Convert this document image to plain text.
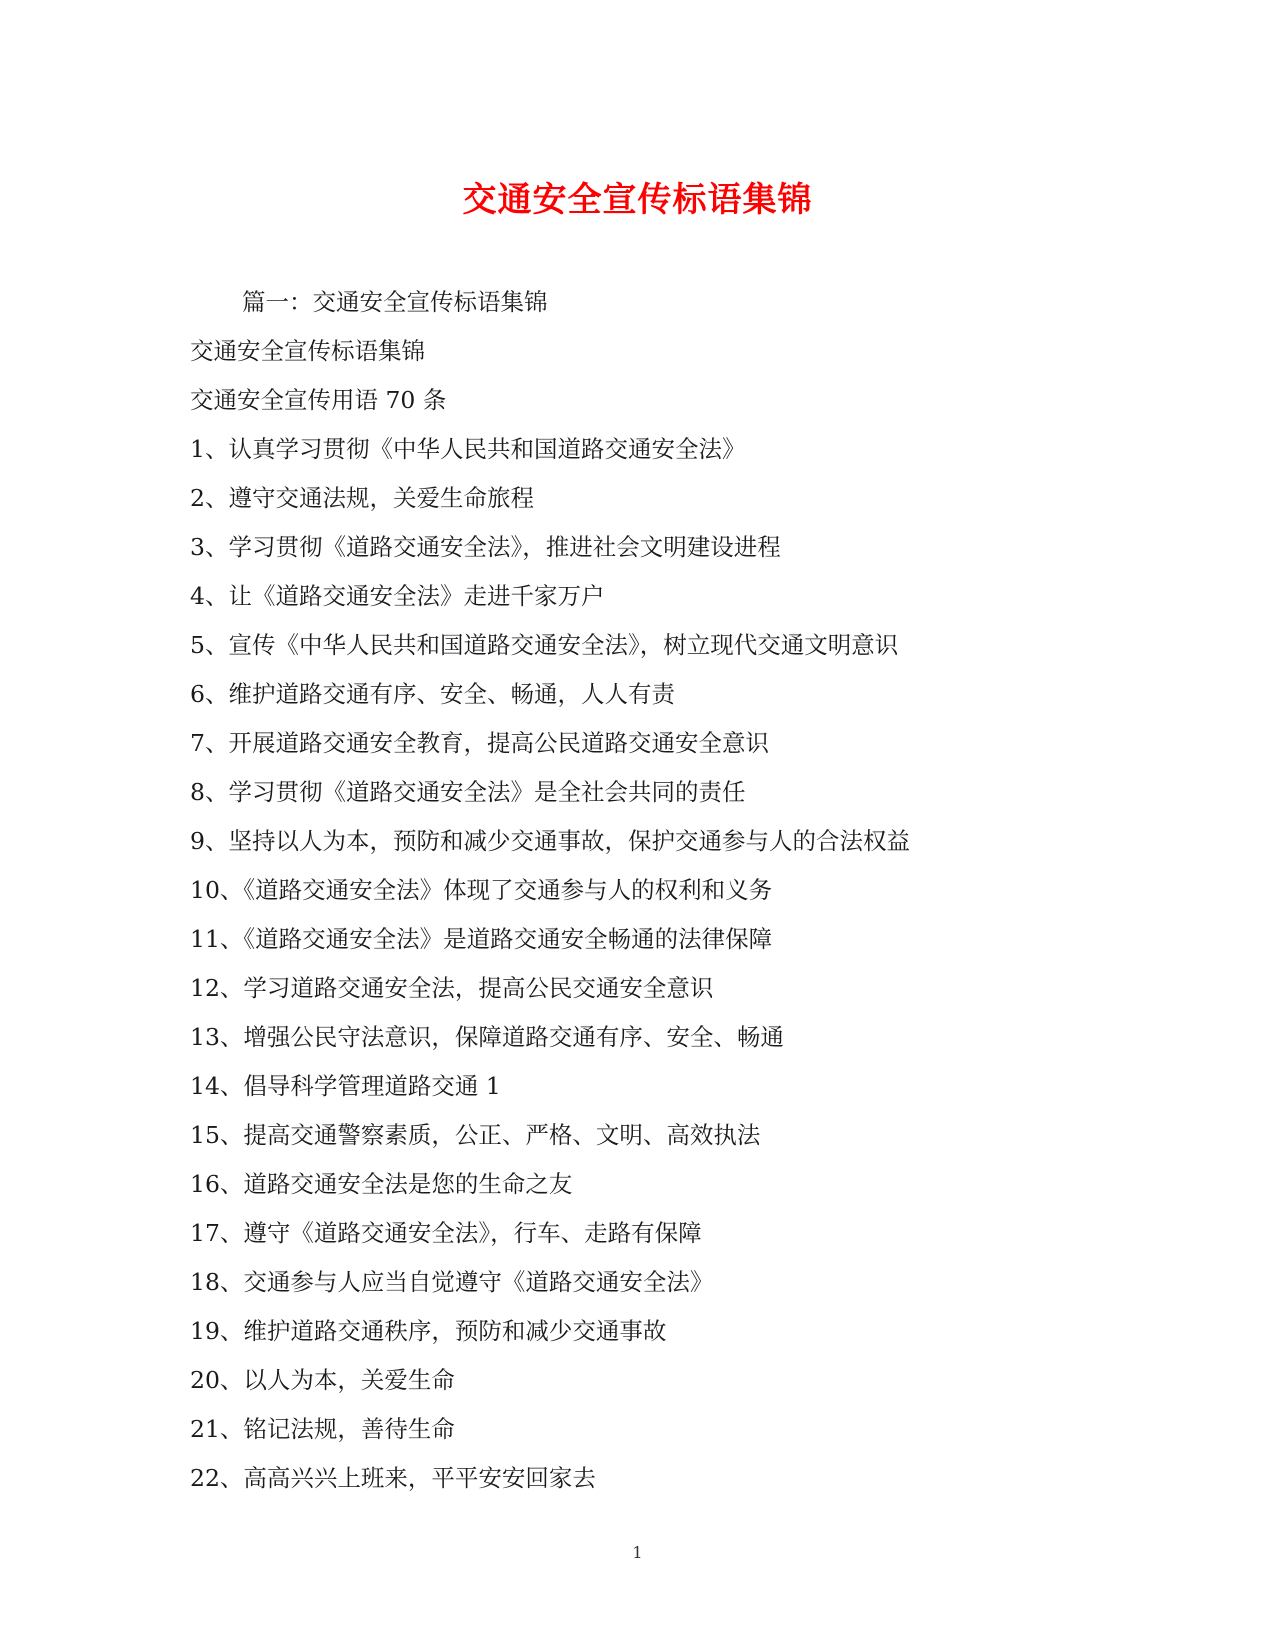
交通安全宣传标语集锦

篇一：交通安全宣传标语集锦

交通安全宣传标语集锦

交通安全宣传用语 70 条

1、认真学习贯彻《中华人民共和国道路交通安全法》

2、遵守交通法规，关爱生命旅程

3、学习贯彻《道路交通安全法》，推进社会文明建设进程

4、让《道路交通安全法》走进千家万户

5、宣传《中华人民共和国道路交通安全法》，树立现代交通文明意识

6、维护道路交通有序、安全、畅通，人人有责

7、开展道路交通安全教育，提高公民道路交通安全意识

8、学习贯彻《道路交通安全法》是全社会共同的责任

9、坚持以人为本，预防和减少交通事故，保护交通参与人的合法权益

10、《道路交通安全法》体现了交通参与人的权利和义务

11、《道路交通安全法》是道路交通安全畅通的法律保障

12、学习道路交通安全法，提高公民交通安全意识

13、增强公民守法意识，保障道路交通有序、安全、畅通

14、倡导科学管理道路交通 1

15、提高交通警察素质，公正、严格、文明、高效执法

16、道路交通安全法是您的生命之友

17、遵守《道路交通安全法》，行车、走路有保障

18、交通参与人应当自觉遵守《道路交通安全法》

19、维护道路交通秩序，预防和减少交通事故

20、以人为本，关爱生命

21、铭记法规，善待生命

22、高高兴兴上班来，平平安安回家去

1
